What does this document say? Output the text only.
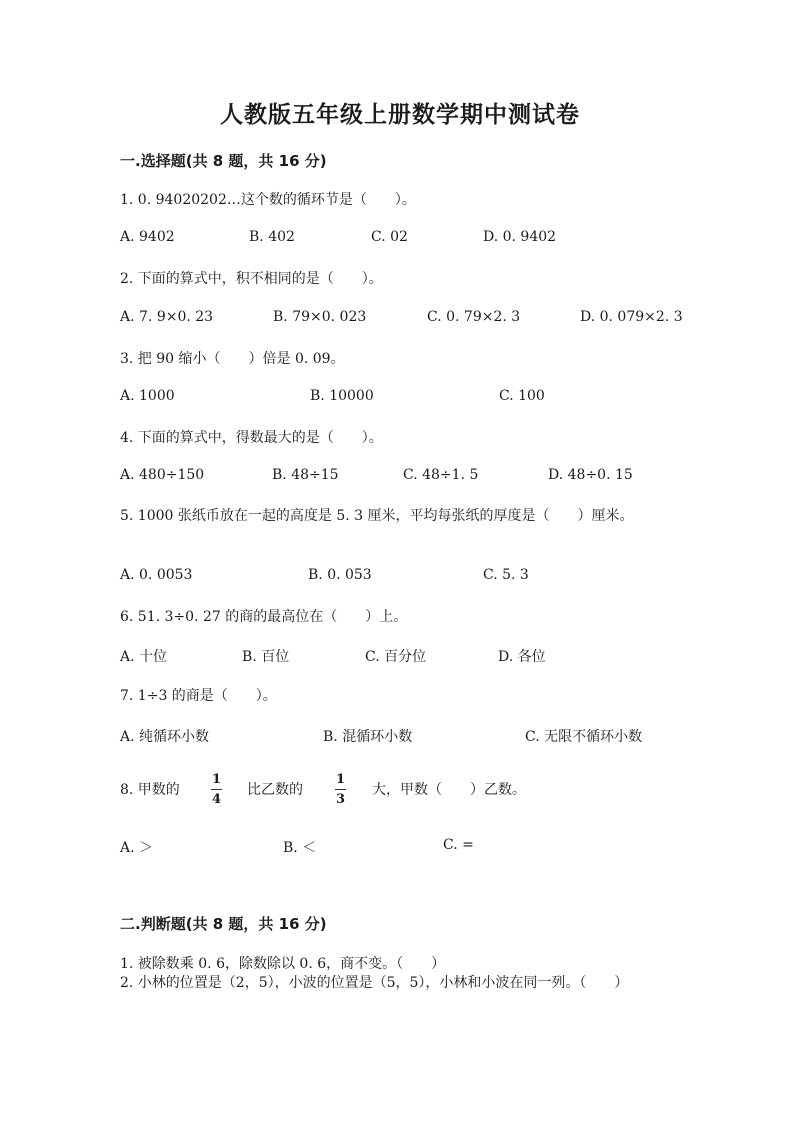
人教版五年级上册数学期中测试卷
一.选择题(共 8 题，共 16 分)
1. 0. 94020202…这个数的循环节是（　　）。
A. 9402	B. 402	C. 02	D. 0. 9402
2. 下面的算式中，积不相同的是（　　）。
A. 7. 9×0. 23	B. 79×0. 023	C. 0. 79×2. 3	D. 0. 079×2. 3
3. 把 90 缩小（　　）倍是 0. 09。
A. 1000	B. 10000	C. 100
4. 下面的算式中，得数最大的是（　　）。
A. 480÷150	B. 48÷15	C. 48÷1. 5	D. 48÷0. 15
5. 1000 张纸币放在一起的高度是 5. 3 厘米，平均每张纸的厚度是（　　）厘米。
A. 0. 0053	B. 0. 053	C. 5. 3
6. 51. 3÷0. 27 的商的最高位在（　　）上。
A. 十位	B. 百位	C. 百分位	D. 各位
7. 1÷3 的商是（　　）。
A. 纯循环小数	B. 混循环小数	C. 无限不循环小数
8. 甲数的
1
4
比乙数的
1
3
大，甲数（　　）乙数。
A. ＞	B. ＜	C. =
二.判断题(共 8 题，共 16 分)
1. 被除数乘 0. 6，除数除以 0. 6，商不变。（　　）
2. 小林的位置是（2，5），小波的位置是（5，5），小林和小波在同一列。（　　）
